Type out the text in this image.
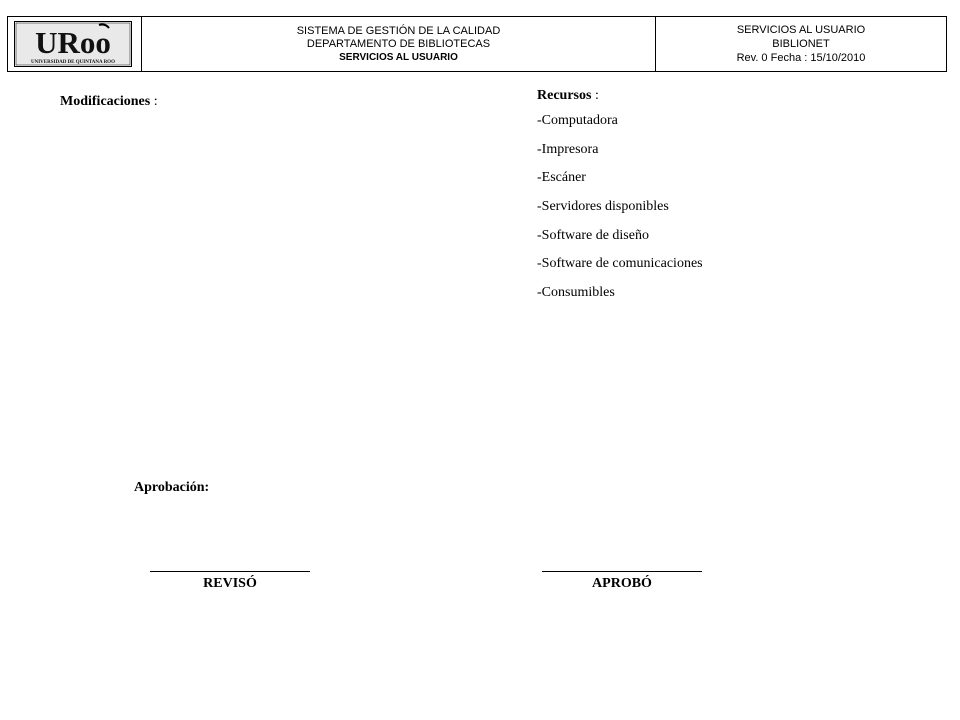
URoo
UNIVERSIDAD DE QUINTANA ROO
SISTEMA DE GESTIÓN DE LA CALIDAD
DEPARTAMENTO DE BIBLIOTECAS
SERVICIOS AL USUARIO
SERVICIOS AL USUARIO
BIBLIONET
Rev. 0 Fecha : 15/10/2010
Modificaciones :	Recursos :
-Computadora
-Impresora
-Escáner
-Servidores disponibles
-Software de diseño
-Software de comunicaciones
-Consumibles
Aprobación:
REVISÓ	APROBÓ
